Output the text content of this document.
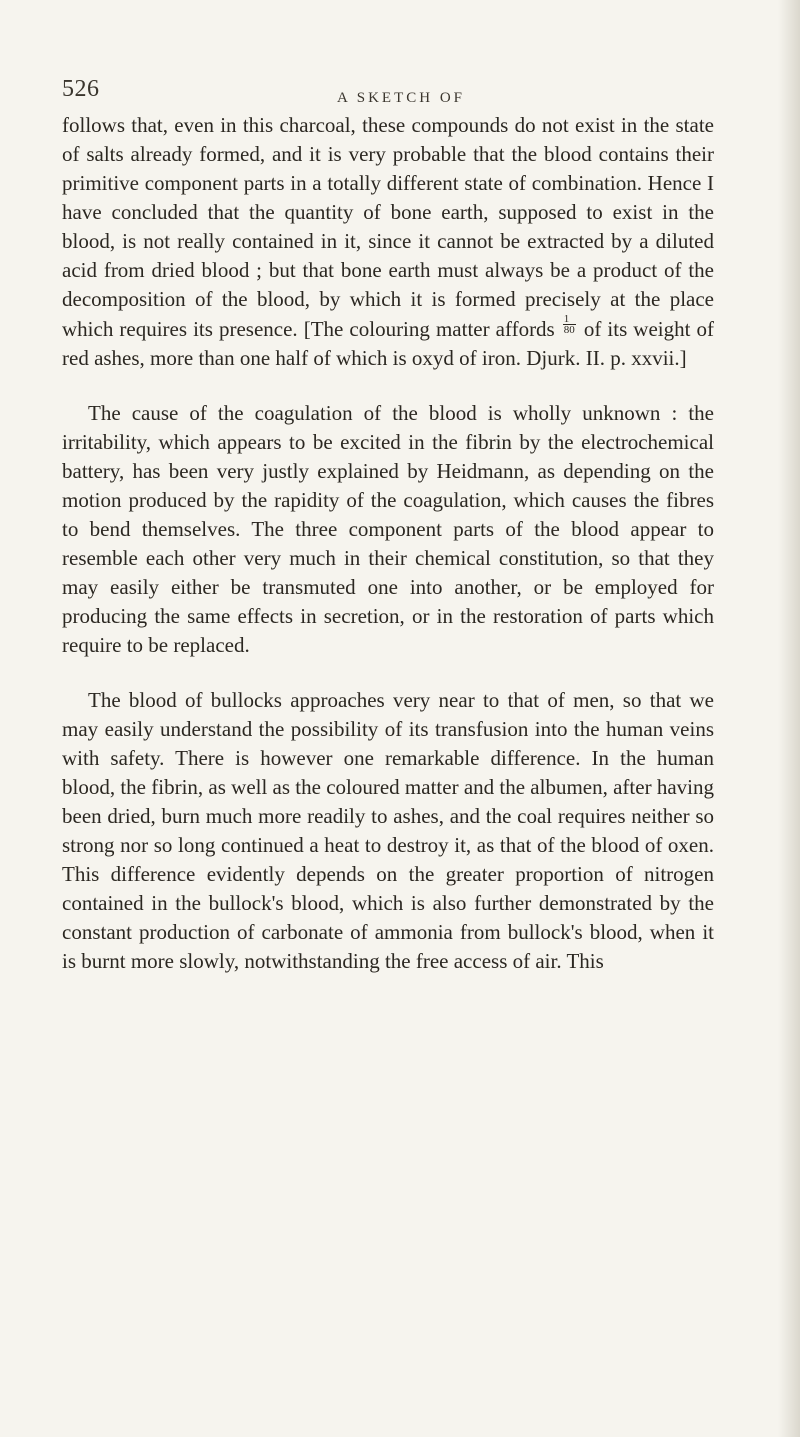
526	A SKETCH OF

follows that, even in this charcoal, these compounds do not exist in the state of salts already formed, and it is very probable that the blood contains their primitive component parts in a totally different state of combination. Hence I have concluded that the quantity of bone earth, supposed to exist in the blood, is not really contained in it, since it cannot be extracted by a diluted acid from dried blood ; but that bone earth must always be a product of the decomposition of the blood, by which it is formed precisely at the place which requires its presence. [The colouring matter affords $\frac{1}{80}$ of its weight of red ashes, more than one half of which is oxyd of iron. Djurk. II. p. xxvii.]

The cause of the coagulation of the blood is wholly unknown : the irritability, which appears to be excited in the fibrin by the electrochemical battery, has been very justly explained by Heidmann, as depending on the motion produced by the rapidity of the coagulation, which causes the fibres to bend themselves. The three component parts of the blood appear to resemble each other very much in their chemical constitution, so that they may easily either be transmuted one into another, or be employed for producing the same effects in secretion, or in the restoration of parts which require to be replaced.

The blood of bullocks approaches very near to that of men, so that we may easily understand the possibility of its transfusion into the human veins with safety. There is however one remarkable difference. In the human blood, the fibrin, as well as the coloured matter and the albumen, after having been dried, burn much more readily to ashes, and the coal requires neither so strong nor so long continued a heat to destroy it, as that of the blood of oxen. This difference evidently depends on the greater proportion of nitrogen contained in the bullock's blood, which is also further demonstrated by the constant production of carbonate of ammonia from bullock's blood, when it is burnt more slowly, notwithstanding the free access of air. This
